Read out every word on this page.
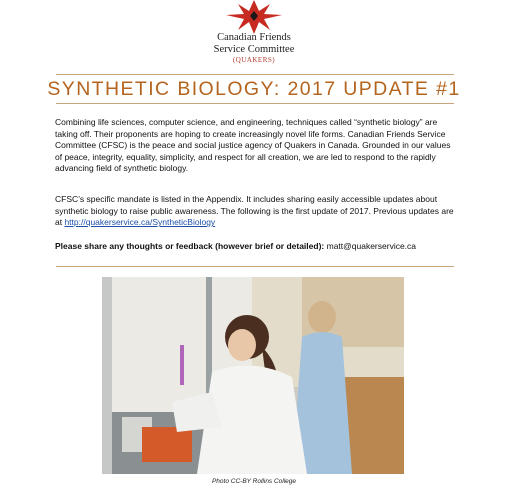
Canadian Friends
Service Committee
(QUAKERS)
SYNTHETIC BIOLOGY: 2017 UPDATE #1
Combining life sciences, computer science, and engineering, techniques called “synthetic biology” are taking off. Their proponents are hoping to create increasingly novel life forms. Canadian Friends Service Committee (CFSC) is the peace and social justice agency of Quakers in Canada. Grounded in our values of peace, integrity, equality, simplicity, and respect for all creation, we are led to respond to the rapidly advancing field of synthetic biology.
CFSC’s specific mandate is listed in the Appendix. It includes sharing easily accessible updates about synthetic biology to raise public awareness. The following is the first update of 2017. Previous updates are at http://quakerservice.ca/SyntheticBiology
Please share any thoughts or feedback (however brief or detailed): matt@quakerservice.ca
Photo CC-BY Rollins College
